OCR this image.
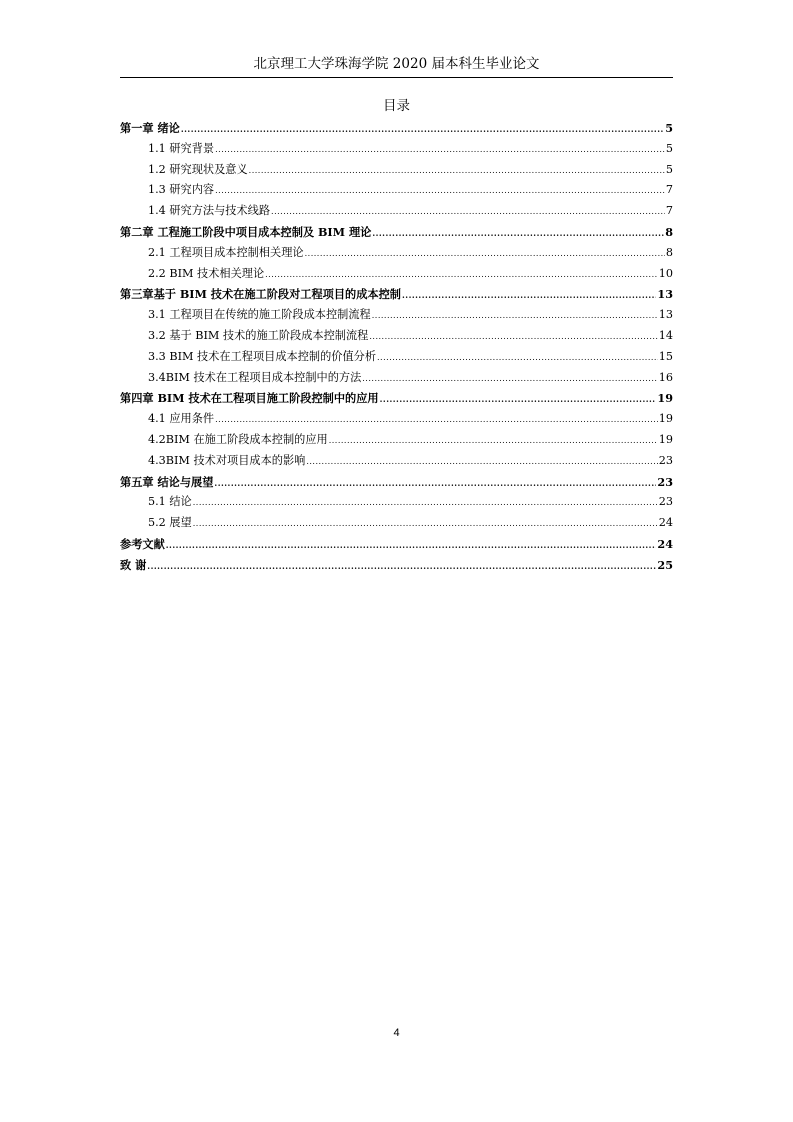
北京理工大学珠海学院 2020 届本科生毕业论文
目录
第一章 绪论 .....	5
1.1 研究背景 .....	5
1.2 研究现状及意义 .....	5
1.3 研究内容 .....	7
1.4 研究方法与技术线路 .....	7
第二章 工程施工阶段中项目成本控制及 BIM 理论 .....	8
2.1 工程项目成本控制相关理论 .....	8
2.2 BIM 技术相关理论 .....	10
第三章基于 BIM 技术在施工阶段对工程项目的成本控制 .....	13
3.1 工程项目在传统的施工阶段成本控制流程 .....	13
3.2 基于 BIM 技术的施工阶段成本控制流程 .....	14
3.3 BIM 技术在工程项目成本控制的价值分析 .....	15
3.4BIM 技术在工程项目成本控制中的方法 .....	16
第四章 BIM 技术在工程项目施工阶段控制中的应用 .....	19
4.1 应用条件 .....	19
4.2BIM 在施工阶段成本控制的应用 .....	19
4.3BIM 技术对项目成本的影响 .....	23
第五章 结论与展望 .....	23
5.1 结论 .....	23
5.2 展望 .....	24
参考文献 .....	24
致 谢 .....	25
4
